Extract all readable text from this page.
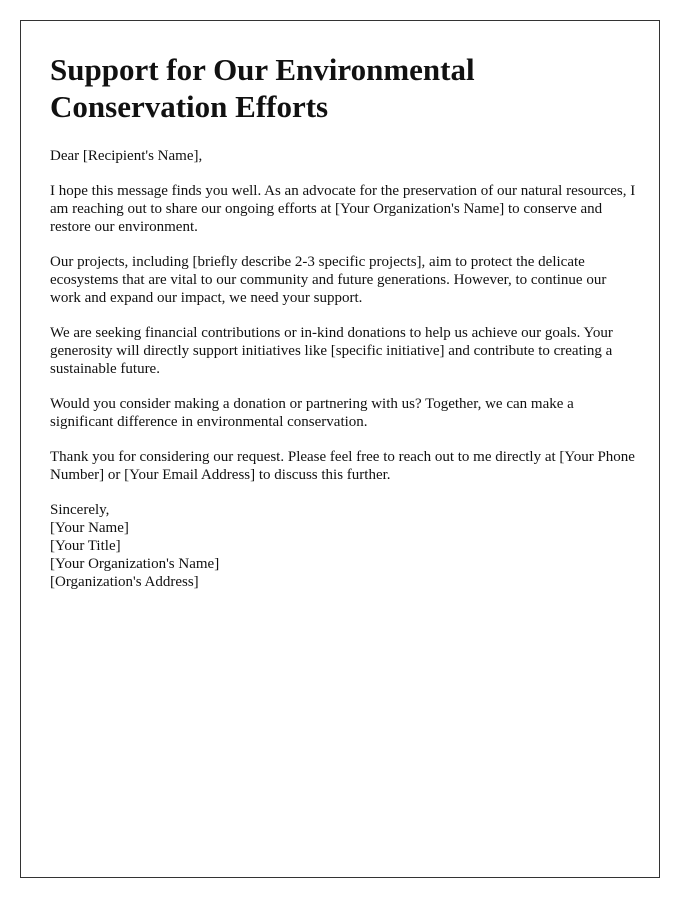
Support for Our Environmental Conservation Efforts

Dear [Recipient's Name],

I hope this message finds you well. As an advocate for the preservation of our natural resources, I am reaching out to share our ongoing efforts at [Your Organization's Name] to conserve and restore our environment.

Our projects, including [briefly describe 2-3 specific projects], aim to protect the delicate ecosystems that are vital to our community and future generations. However, to continue our work and expand our impact, we need your support.

We are seeking financial contributions or in-kind donations to help us achieve our goals. Your generosity will directly support initiatives like [specific initiative] and contribute to creating a sustainable future.

Would you consider making a donation or partnering with us? Together, we can make a significant difference in environmental conservation.

Thank you for considering our request. Please feel free to reach out to me directly at [Your Phone Number] or [Your Email Address] to discuss this further.

Sincerely,

[Your Name]

[Your Title]

[Your Organization's Name]

[Organization's Address]
